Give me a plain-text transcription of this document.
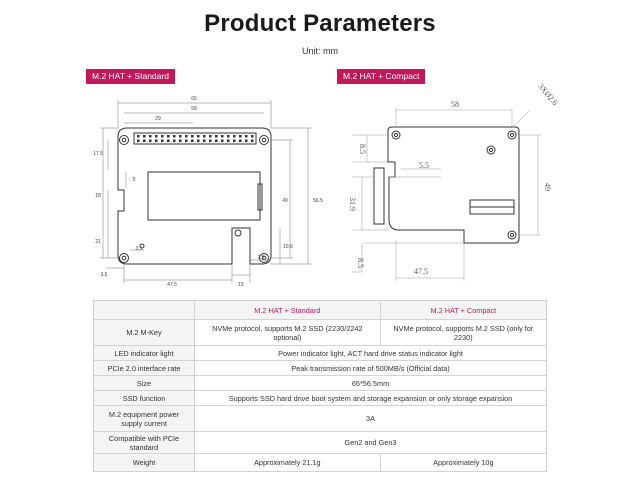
Product Parameters
Unit: mm
M.2 HAT + Standard	M.2 HAT + Compact
65
58
29
17.5
5
18
21
3.5
3.5
49	56.5
19.5
47.5	15
7.5
58	3XØ2.6
8.5
5.5
31.9
8.5
49
47.5
	M.2 HAT + Standard	M.2 HAT + Compact
M.2 M-Key	NVMe protocol, supports M.2 SSD (2230/2242 optional)	NVMe protocol, supports M.2 SSD (only for 2230)
LED indicator light	Power indicator light, ACT hard drive status indicator light	
PCIe 2.0 interface rate	Peak transmission rate of 500MB/s (Official data)	
Size	65*56.5mm	
SSD function	Supports SSD hard drive boot system and storage expansion or only storage expansion	
M.2 equipment power supply current	3A	
Compatible with PCIe standard	Gen2 and Gen3	
Weight	Approximately 21.1g	Approximately 10g
